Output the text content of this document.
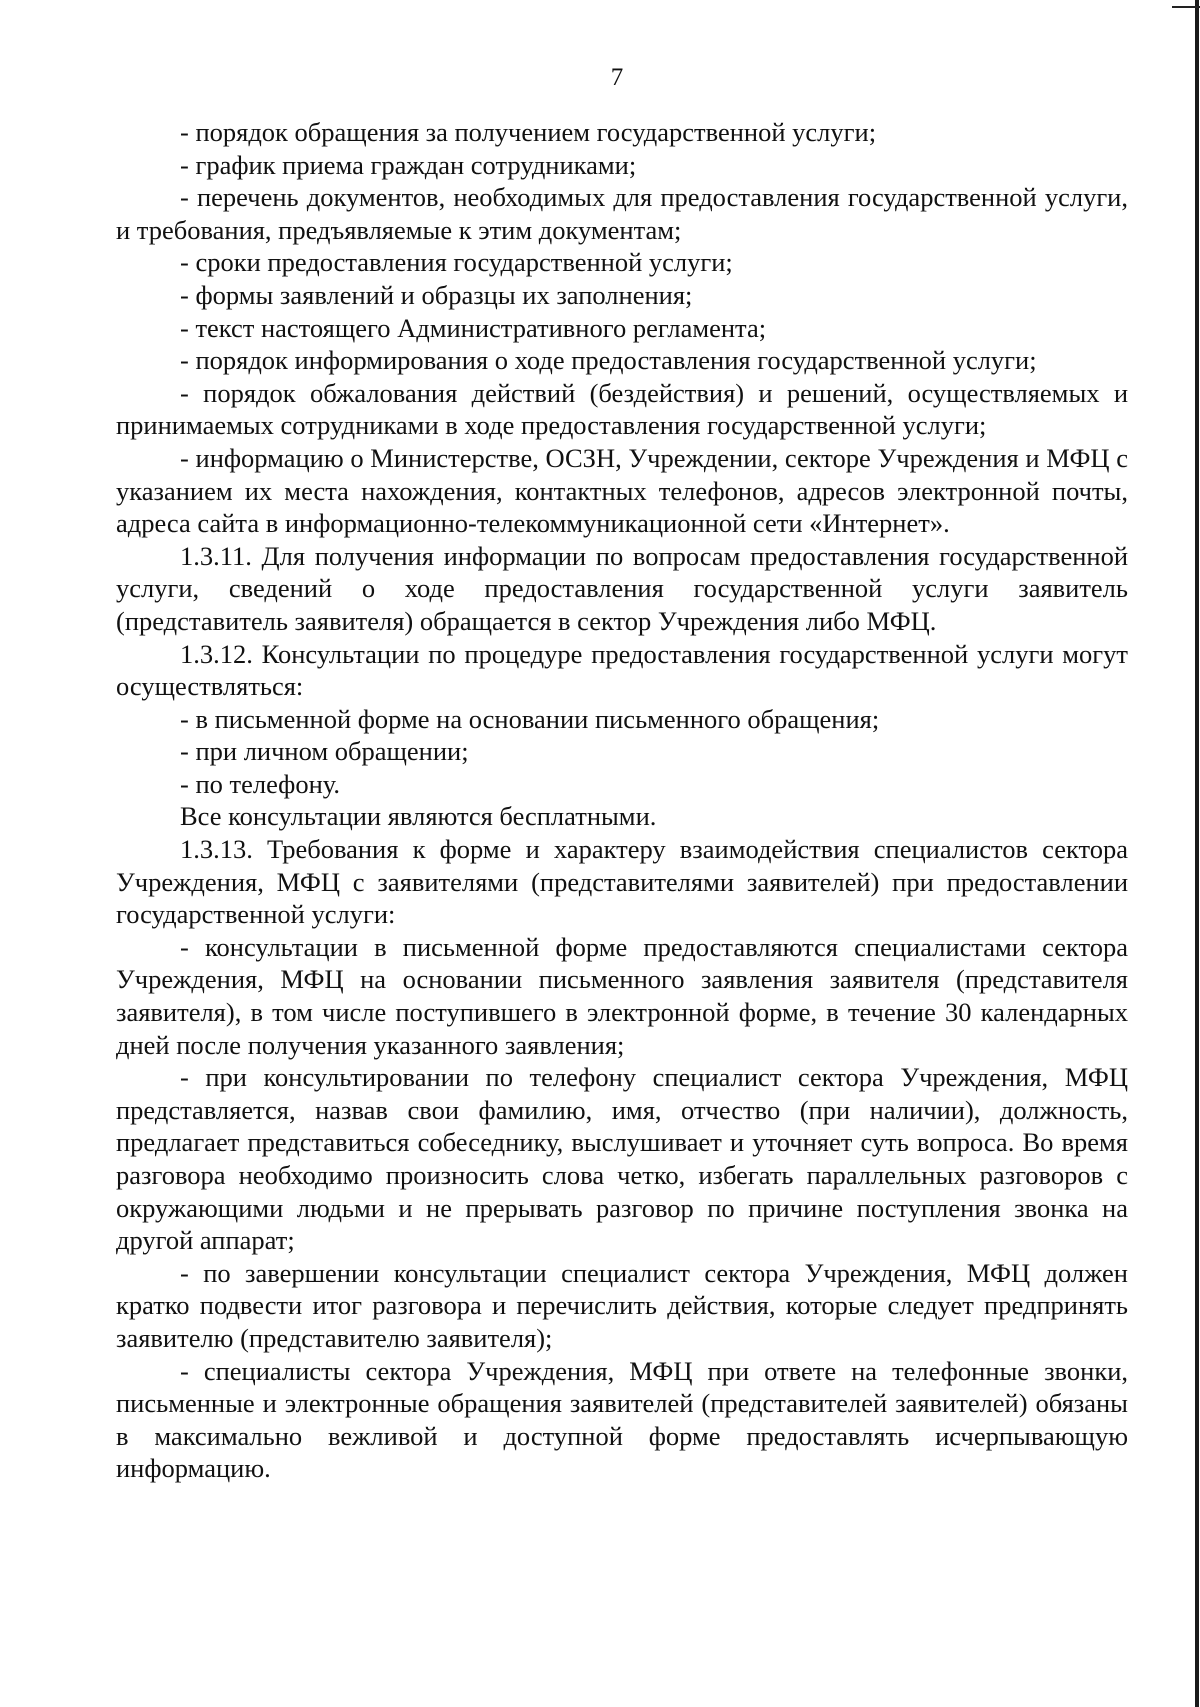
7

- порядок обращения за получением государственной услуги;

- график приема граждан сотрудниками;

- перечень документов, необходимых для предоставления государственной услуги, и требования, предъявляемые к этим документам;

- сроки предоставления государственной услуги;

- формы заявлений и образцы их заполнения;

- текст настоящего Административного регламента;

- порядок информирования о ходе предоставления государственной услуги;

- порядок обжалования действий (бездействия) и решений, осуществляемых и принимаемых сотрудниками в ходе предоставления государственной услуги;

- информацию о Министерстве, ОСЗН, Учреждении, секторе Учреждения и МФЦ с указанием их места нахождения, контактных телефонов, адресов электронной почты, адреса сайта в информационно-телекоммуникационной сети «Интернет».

1.3.11. Для получения информации по вопросам предоставления государственной услуги, сведений о ходе предоставления государственной услуги заявитель (представитель заявителя) обращается в сектор Учреждения либо МФЦ.

1.3.12. Консультации по процедуре предоставления государственной услуги могут осуществляться:

- в письменной форме на основании письменного обращения;

- при личном обращении;

- по телефону.

Все консультации являются бесплатными.

1.3.13. Требования к форме и характеру взаимодействия специалистов сектора Учреждения, МФЦ с заявителями (представителями заявителей) при предоставлении государственной услуги:

- консультации в письменной форме предоставляются специалистами сектора Учреждения, МФЦ на основании письменного заявления заявителя (представителя заявителя), в том числе поступившего в электронной форме, в течение 30 календарных дней после получения указанного заявления;

- при консультировании по телефону специалист сектора Учреждения, МФЦ представляется, назвав свои фамилию, имя, отчество (при наличии), должность, предлагает представиться собеседнику, выслушивает и уточняет суть вопроса. Во время разговора необходимо произносить слова четко, избегать параллельных разговоров с окружающими людьми и не прерывать разговор по причине поступления звонка на другой аппарат;

- по завершении консультации специалист сектора Учреждения, МФЦ должен кратко подвести итог разговора и перечислить действия, которые следует предпринять заявителю (представителю заявителя);

- специалисты сектора Учреждения, МФЦ при ответе на телефонные звонки, письменные и электронные обращения заявителей (представителей заявителей) обязаны в максимально вежливой и доступной форме предоставлять исчерпывающую информацию.
